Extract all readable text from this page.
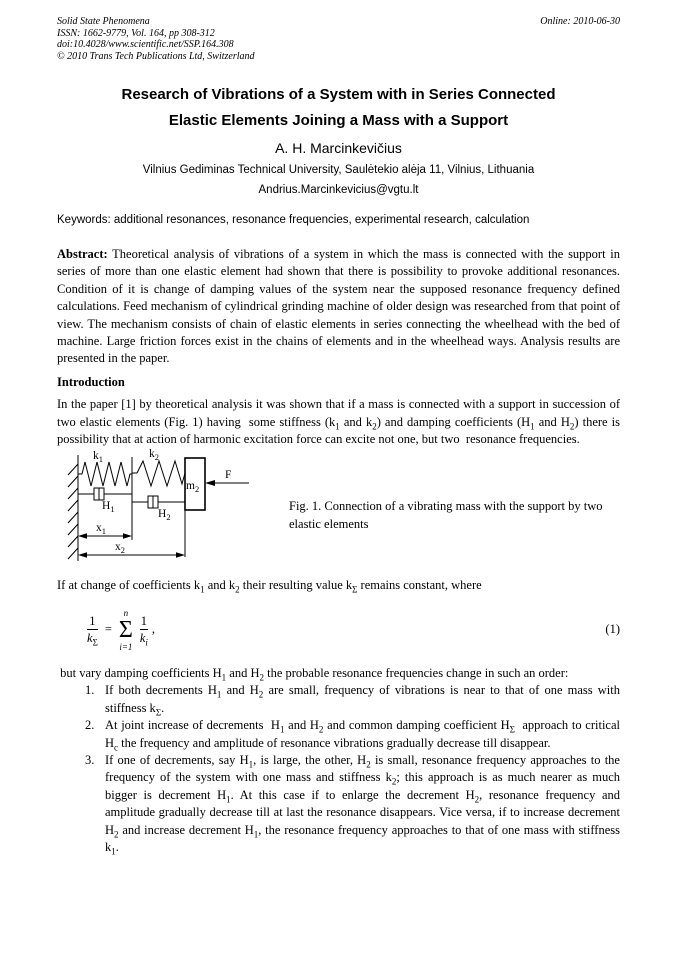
Solid State Phenomena
ISSN: 1662-9779, Vol. 164, pp 308-312
doi:10.4028/www.scientific.net/SSP.164.308
© 2010 Trans Tech Publications Ltd, Switzerland
Online: 2010-06-30
Research of Vibrations of a System with in Series Connected
Elastic Elements Joining a Mass with a Support
A. H. Marcinkevičius
Vilnius Gediminas Technical University, Saulėtekio alėja 11, Vilnius, Lithuania
Andrius.Marcinkevicius@vgtu.lt
Keywords: additional resonances, resonance frequencies, experimental research, calculation
Abstract: Theoretical analysis of vibrations of a system in which the mass is connected with the support in series of more than one elastic element had shown that there is possibility to provoke additional resonances. Condition of it is change of damping values of the system near the supposed resonance frequency defined calculations. Feed mechanism of cylindrical grinding machine of older design was researched from that point of view. The mechanism consists of chain of elastic elements in series connecting the wheelhead with the bed of machine. Large friction forces exist in the chains of elements and in the wheelhead ways. Analysis results are presented in the paper.
Introduction
In the paper [1] by theoretical analysis it was shown that if a mass is connected with a support in succession of two elastic elements (Fig. 1) having  some stiffness ($k_1$ and $k_2$) and damping coefficients ($H_1$ and $H_2$) there is possibility that at action of harmonic excitation force can excite not one, but two  resonance frequencies.
$k_1$	$k_2$
$m_2$
F
$H_1$	$H_2$
$x_1$
$x_2$
Fig. 1. Connection of a vibrating mass with the support by two elastic elements
If at change of coefficients $k_1$ and $k_2$ their resulting value $k_\Sigma$ remains constant, where
$\frac{1}{k_\Sigma}$ =
n
Σ
i=1
$\frac{1}{k_i}$ ,	(1)
but vary damping coefficients $H_1$ and $H_2$ the probable resonance frequencies change in such an order:
1. If both decrements $H_1$ and $H_2$ are small, frequency of vibrations is near to that of one mass with  stiffness $k_\Sigma$.
2. At joint increase of decrements  $H_1$ and $H_2$ and common damping coefficient $H_\Sigma$  approach to critical $H_c$ the frequency and amplitude of resonance vibrations gradually decrease till disappear.
3. If one of decrements, say $H_1$, is large, the other, $H_2$ is small, resonance frequency approaches to the frequency of the system with one mass and stiffness $k_2$; this approach is as much nearer as much bigger is decrement $H_1$. At this case if to enlarge the decrement $H_2$, resonance frequency and amplitude gradually decrease till at last the resonance disappears. Vice versa, if to increase decrement $H_2$ and increase decrement $H_1$, the resonance frequency approaches to that of one mass with stiffness $k_1$.
